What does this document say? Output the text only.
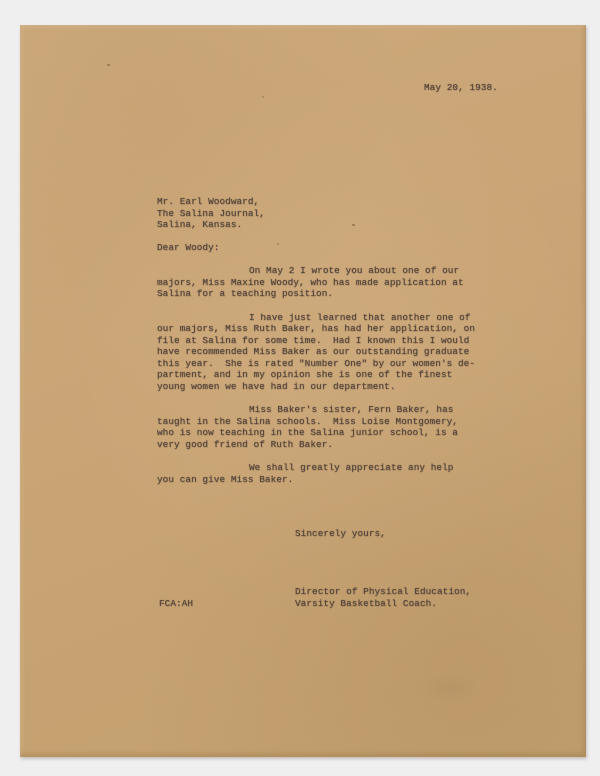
May 20, 1938.
Mr. Earl Woodward,
The Salina Journal,
Salina, Kansas.
Dear Woody:
On May 2 I wrote you about one of our
majors, Miss Maxine Woody, who has made application at
Salina for a teaching position.
I have just learned that another one of
our majors, Miss Ruth Baker, has had her application, on
file at Salina for some time.  Had I known this I would
have recommended Miss Baker as our outstanding graduate
this year.  She is rated "Number One" by our women's de-
partment, and in my opinion she is one of the finest
young women we have had in our department.
Miss Baker's sister, Fern Baker, has
taught in the Salina schools.  Miss Loise Montgomery,
who is now teaching in the Salina junior school, is a
very good friend of Ruth Baker.
We shall greatly appreciate any help
you can give Miss Baker.
Sincerely yours,
Director of Physical Education,
Varsity Basketball Coach.
FCA:AH
